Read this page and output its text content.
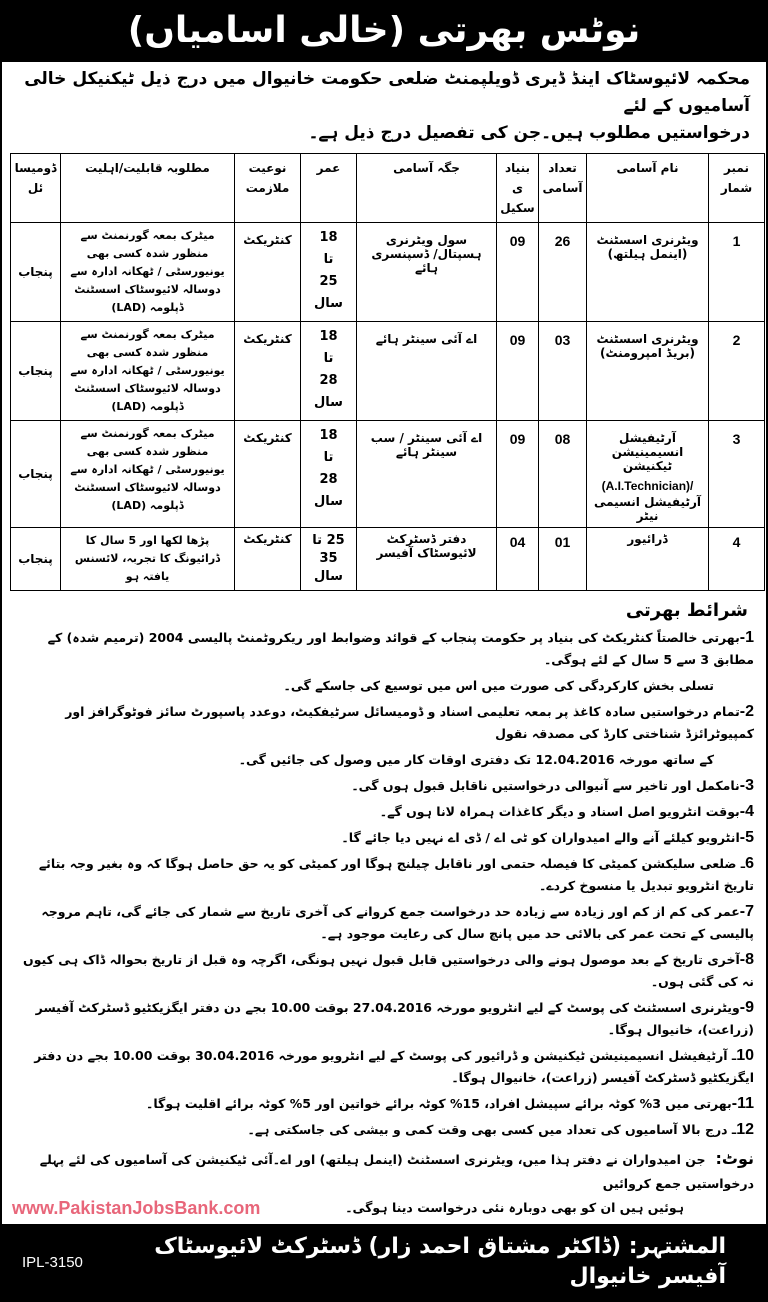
نوٹس بھرتی (خالی اسامیاں)
محکمہ لائیوسٹاک اینڈ ڈیری ڈویلپمنٹ ضلعی حکومت خانیوال میں درج ذیل ٹیکنیکل خالی آسامیوں کے لئے
درخواستیں مطلوب ہیں۔جن کی تفصیل درج ذیل ہے۔
نمبر شمار	نام آسامی	تعداد آسامی	بنیادی سکیل	جگہ آسامی	عمر	نوعیت ملازمت	مطلوبہ قابلیت/اہلیت	ڈومیسائل
1	ویٹرنری اسسٹنٹ
(اینمل ہیلتھ)	26	09	سول ویٹرنری ہسپتال/ ڈسپنسری ہائے	18
تا
25 سال	کنٹریکٹ	میٹرک بمعہ گورنمنٹ سے منظور شدہ کسی بھی یونیورسٹی / ٹھکانہ ادارہ سے دوسالہ لائیوسٹاک اسسٹنٹ ڈپلومہ (LAD)	پنجاب
2	ویٹرنری اسسٹنٹ
(بریڈ امپرومنٹ)	03	09	اے آئی سینٹر ہائے	18
تا
28 سال	کنٹریکٹ	میٹرک بمعہ گورنمنٹ سے منظور شدہ کسی بھی یونیورسٹی / ٹھکانہ ادارہ سے دوسالہ لائیوسٹاک اسسٹنٹ ڈپلومہ (LAD)	پنجاب
3	آرٹیفیشل انسیمینیشن ٹیکنیشن
(A.I.Technician)/
آرٹیفیشل انسیمی نیٹر	08	09	اے آئی سینٹر / سب سینٹر ہائے	18
تا
28 سال	کنٹریکٹ	میٹرک بمعہ گورنمنٹ سے منظور شدہ کسی بھی یونیورسٹی / ٹھکانہ ادارہ سے دوسالہ لائیوسٹاک اسسٹنٹ ڈپلومہ (LAD)	پنجاب
4	ڈرائیور	01	04	دفتر ڈسٹرکٹ لائیوسٹاک آفیسر	25 تا
35 سال	کنٹریکٹ	پڑھا لکھا اور 5 سال کا ڈرائیونگ کا تجربہ، لائسنس یافتہ ہو	پنجاب
شرائط بھرتی

1-بھرتی خالصتاً کنٹریکٹ کی بنیاد پر حکومت پنجاب کے قوائد وضوابط اور ریکروٹمنٹ پالیسی 2004 (ترمیم شدہ) کے مطابق 3 سے 5 سال کے لئے ہوگی۔

تسلی بخش کارکردگی کی صورت میں اس میں توسیع کی جاسکے گی۔

2-تمام درخواستیں سادہ کاغذ پر بمعہ تعلیمی اسناد و ڈومیسائل سرٹیفکیٹ، دوعدد پاسپورٹ سائز فوٹوگرافز اور کمپیوٹرائزڈ شناختی کارڈ کی مصدقہ نقول

کے ساتھ مورخہ 12.04.2016 تک دفتری اوقات کار میں وصول کی جائیں گی۔

3-نامکمل اور تاخیر سے آنیوالی درخواستیں ناقابل قبول ہوں گی۔

4-بوقت انٹرویو اصل اسناد و دیگر کاغذات ہمراہ لانا ہوں گے۔

5-انٹرویو کیلئے آنے والے امیدواران کو ٹی اے / ڈی اے نہیں دیا جائے گا۔

6ـ ضلعی سلیکشن کمیٹی کا فیصلہ حتمی اور ناقابل چیلنج ہوگا اور کمیٹی کو یہ حق حاصل ہوگا کہ وہ بغیر وجہ بتائے تاریخ انٹرویو تبدیل یا منسوخ کردے۔

7-عمر کی کم از کم اور زیادہ سے زیادہ حد درخواست جمع کروانے کی آخری تاریخ سے شمار کی جائے گی، تاہم مروجہ پالیسی کے تحت عمر کی بالائی حد میں پانچ سال کی رعایت موجود ہے۔

8-آخری تاریخ کے بعد موصول ہونے والی درخواستیں قابل قبول نہیں ہونگی، اگرچہ وہ قبل از تاریخ بحوالہ ڈاک ہی کیوں نہ کی گئی ہوں۔

9-ویٹرنری اسسٹنٹ کی پوسٹ کے لیے انٹرویو مورخہ 27.04.2016 بوقت 10.00 بجے دن دفتر ایگزیکٹیو ڈسٹرکٹ آفیسر (زراعت)، خانیوال ہوگا۔

10ـ آرٹیفیشل انسیمینیشن ٹیکنیشن و ڈرائیور کی پوسٹ کے لیے انٹرویو مورخہ 30.04.2016 بوقت 10.00 بجے دن دفتر ایگزیکٹیو ڈسٹرکٹ آفیسر (زراعت)، خانیوال ہوگا۔

11-بھرتی میں 3% کوٹہ برائے سپیشل افراد، 15% کوٹہ برائے خواتین اور 5% کوٹہ برائے اقلیت ہوگا۔

12ـ درج بالا آسامیوں کی تعداد میں کسی بھی وقت کمی و بیشی کی جاسکتی ہے۔

نوٹ:جن امیدواران نے دفتر ہذا میں، ویٹرنری اسسٹنٹ (اینمل ہیلتھ) اور اے۔آئی ٹیکنیشن کی آسامیوں کی لئے پہلے درخواستیں جمع کروائیں
ہوئیں ہیں ان کو بھی دوبارہ نئی درخواست دینا ہوگی۔
www.PakistanJobsBank.com
المشتہر: (ڈاکٹر مشتاق احمد زار) ڈسٹرکٹ لائیوسٹاک آفیسر خانیوال
IPL-3150
